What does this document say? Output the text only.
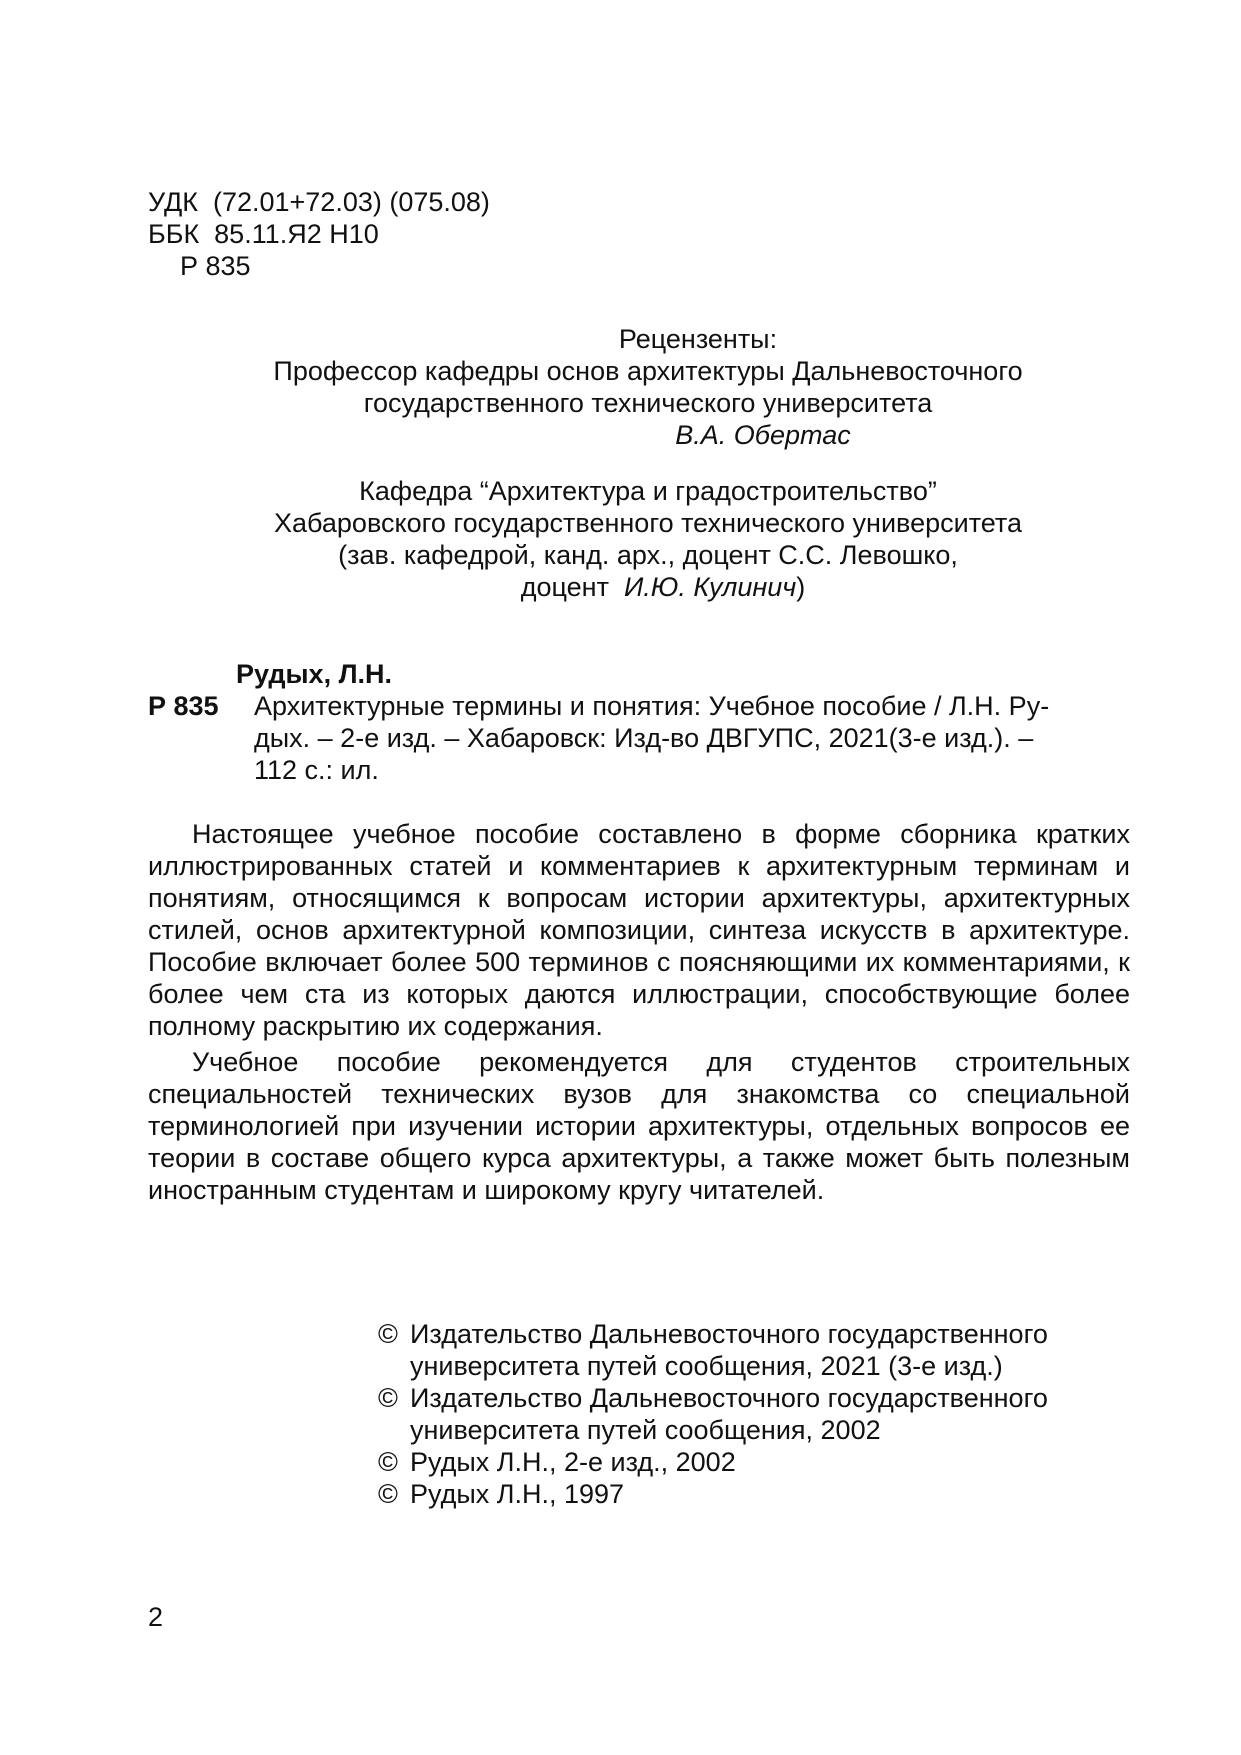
УДК  (72.01+72.03) (075.08)
ББК  85.11.Я2 Н10
Р 835
Рецензенты:
Профессор кафедры основ архитектуры Дальневосточного
государственного технического университета
В.А. Обертас
Кафедра “Архитектура и градостроительство”
Хабаровского государственного технического университета
(зав. кафедрой, канд. арх., доцент С.С. Левошко,
доцент  И.Ю. Кулинич)
Рудых, Л.Н.
Р 835 Архитектурные термины и понятия: Учебное пособие / Л.Н. Ру-
дых. – 2-е изд. – Хабаровск: Изд-во ДВГУПС, 2021(3-е изд.). –
112 с.: ил.

Настоящее учебное пособие составлено в форме сборника кратких иллюстрированных статей и комментариев к архитектурным терминам и понятиям, относящимся к вопросам истории архитектуры, архитектурных стилей, основ архитектурной композиции, синтеза искусств в архитектуре. Пособие включает более 500 терминов с поясняющими их комментариями, к более чем ста из которых даются иллюстрации, способствующие более полному раскрытию их содержания.

Учебное пособие рекомендуется для студентов строительных специальностей технических вузов для знакомства со специальной терминологией при изучении истории архитектуры, отдельных вопросов ее теории в составе общего курса архитектуры, а также может быть полезным иностранным студентам и широкому кругу читателей.

© Издательство Дальневосточного государственного университета путей сообщения, 2021 (3-е изд.)
© Издательство Дальневосточного государственного университета путей сообщения, 2002
© Рудых Л.Н., 2-е изд., 2002
© Рудых Л.Н., 1997
2
